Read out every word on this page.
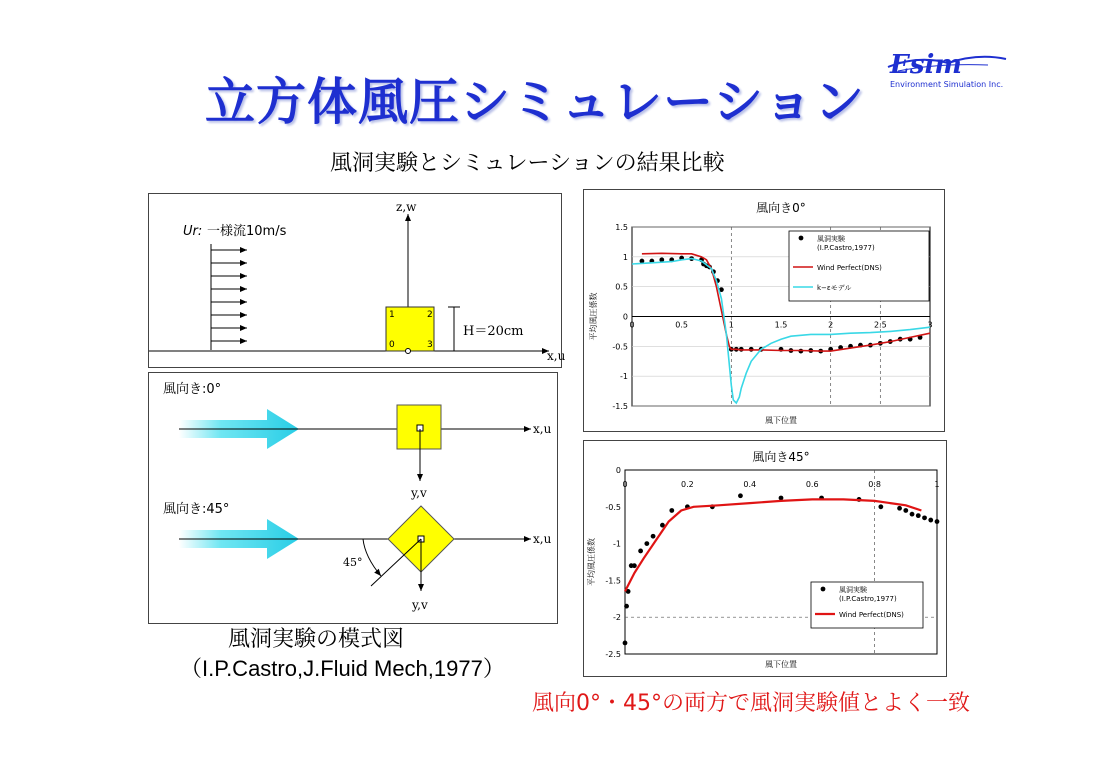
立方体風圧シミュレーション
Esim
Environment Simulation Inc.
風洞実験とシミュレーションの結果比較
Ur: 一様流10m/s
x,u
z,w
1	2
0	3
H＝20cm
風向き:0°
x,u
y,v
風向き:45°
x,u
y,v
45°
風向き0°
1.5
1
0.5
0
-0.5
-1
-1.5
0	0.5	1	1.5	2	2.5	3
風下位置
平均風圧係数
風洞実験(I.P.Castro,1977)
Wind Perfect(DNS)
k−εモデル
風向き45°
0
-0.5
-1
-1.5
-2
-2.5
0	0.2	0.4	0.6	0.8	1
風下位置
平均風圧係数
風洞実験(I.P.Castro,1977)
Wind Perfect(DNS)
風洞実験の模式図
（I.P.Castro,J.Fluid Mech,1977）
風向0°・45°の両方で風洞実験値とよく一致
